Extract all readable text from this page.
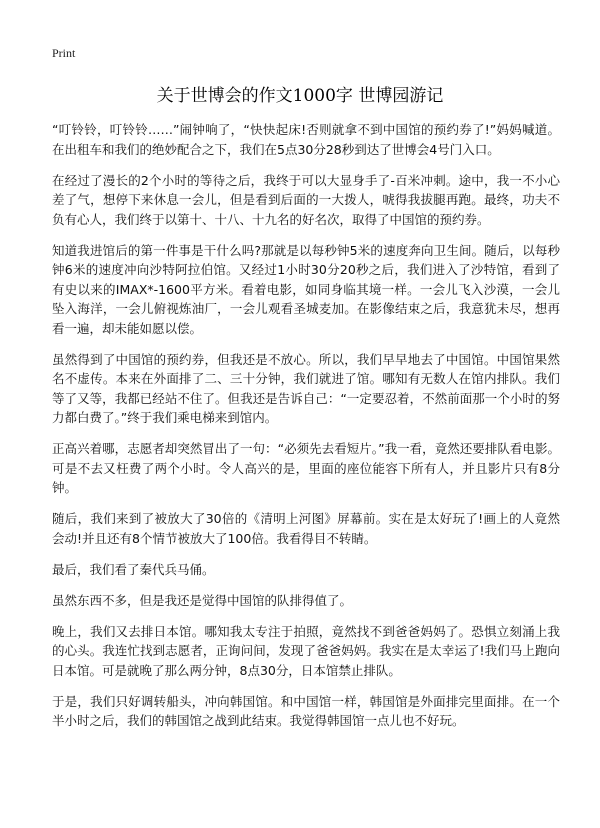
Print
关于世博会的作文1000字 世博园游记

“叮铃铃，叮铃铃……”闹钟响了，“快快起床!否则就拿不到中国馆的预约券了!”妈妈喊道。在出租车和我们的绝妙配合之下，我们在5点30分28秒到达了世博会4号门入口。

在经过了漫长的2个小时的等待之后，我终于可以大显身手了-百米冲刺。途中，我一不小心差了气，想停下来休息一会儿，但是看到后面的一大拨人，唬得我拔腿再跑。最终，功夫不负有心人，我们终于以第十、十八、十九名的好名次，取得了中国馆的预约券。

知道我进馆后的第一件事是干什么吗?那就是以每秒钟5米的速度奔向卫生间。随后，以每秒钟6米的速度冲向沙特阿拉伯馆。又经过1小时30分20秒之后，我们进入了沙特馆，看到了有史以来的IMAX*-1600平方米。看着电影，如同身临其境一样。一会儿飞入沙漠，一会儿坠入海洋，一会儿俯视炼油厂，一会儿观看圣城麦加。在影像结束之后，我意犹未尽，想再看一遍，却未能如愿以偿。

虽然得到了中国馆的预约券，但我还是不放心。所以，我们早早地去了中国馆。中国馆果然名不虚传。本来在外面排了二、三十分钟，我们就进了馆。哪知有无数人在馆内排队。我们等了又等，我都已经站不住了。但我还是告诉自己：“一定要忍着，不然前面那一个小时的努力都白费了。”终于我们乘电梯来到馆内。

正高兴着哪，志愿者却突然冒出了一句：“必须先去看短片。”我一看，竟然还要排队看电影。可是不去又枉费了两个小时。令人高兴的是，里面的座位能容下所有人，并且影片只有8分钟。

随后，我们来到了被放大了30倍的《清明上河图》屏幕前。实在是太好玩了!画上的人竟然会动!并且还有8个情节被放大了100倍。我看得目不转睛。

最后，我们看了秦代兵马俑。

虽然东西不多，但是我还是觉得中国馆的队排得值了。

晚上，我们又去排日本馆。哪知我太专注于拍照，竟然找不到爸爸妈妈了。恐惧立刻涌上我的心头。我连忙找到志愿者，正询问间，发现了爸爸妈妈。我实在是太幸运了!我们马上跑向日本馆。可是就晚了那么两分钟，8点30分，日本馆禁止排队。

于是，我们只好调转船头，冲向韩国馆。和中国馆一样，韩国馆是外面排完里面排。在一个半小时之后，我们的韩国馆之战到此结束。我觉得韩国馆一点儿也不好玩。
